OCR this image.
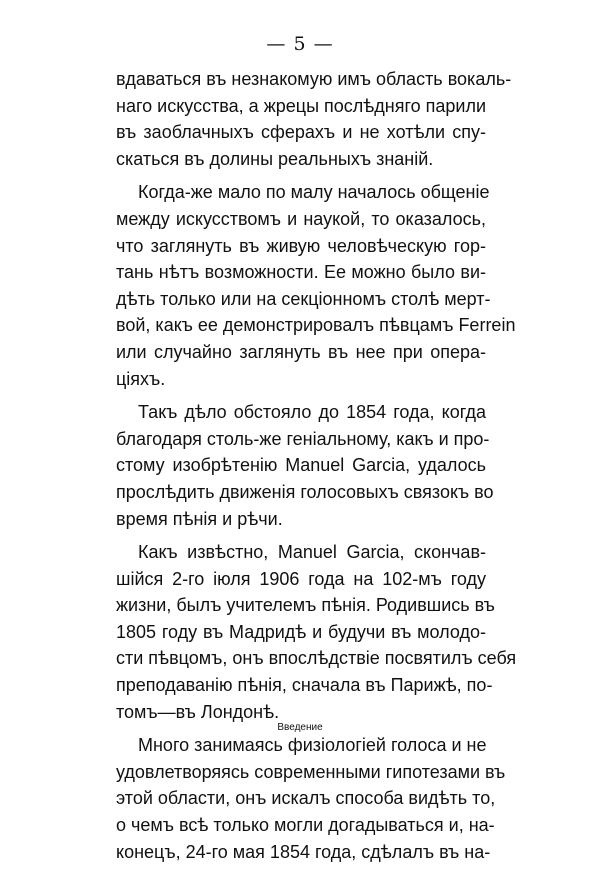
— 5 —
вдаваться въ незнакомую имъ область вокаль-
наго искусства, а жрецы послѣдняго парили
въ заоблачныхъ сферахъ и не хотѣли спу-
скаться въ долины реальныхъ знаній.
Когда-же мало по малу началось общеніе
между искусствомъ и наукой, то оказалось,
что заглянуть въ живую человѣческую гор-
тань нѣтъ возможности. Ее можно было ви-
дѣть только или на секціонномъ столѣ мерт-
вой, какъ ее демонстрировалъ пѣвцамъ Ferrein
или случайно заглянуть въ нее при опера-
ціяхъ.
Такъ дѣло обстояло до 1854 года, когда
благодаря столь-же геніальному, какъ и про-
стому изобрѣтенію Manuel Garcia, удалось
прослѣдить движенія голосовыхъ связокъ во
время пѣнія и рѣчи.
Какъ извѣстно, Manuel Garcia, скончав-
шійся 2-го іюля 1906 года на 102-мъ году
жизни, былъ учителемъ пѣнія. Родившись въ
1805 году въ Мадридѣ и будучи въ молодо-
сти пѣвцомъ, онъ впослѣдствіе посвятилъ себя
преподаванію пѣнія, сначала въ Парижѣ, по-
томъ—въ Лондонѣ.
Много занимаясь физіологіей голоса и не
удовлетворяясь современными гипотезами въ
этой области, онъ искалъ способа видѣть то,
о чемъ всѣ только могли догадываться и, на-
конецъ, 24-го мая 1854 года, сдѣлалъ въ на-
Введение
